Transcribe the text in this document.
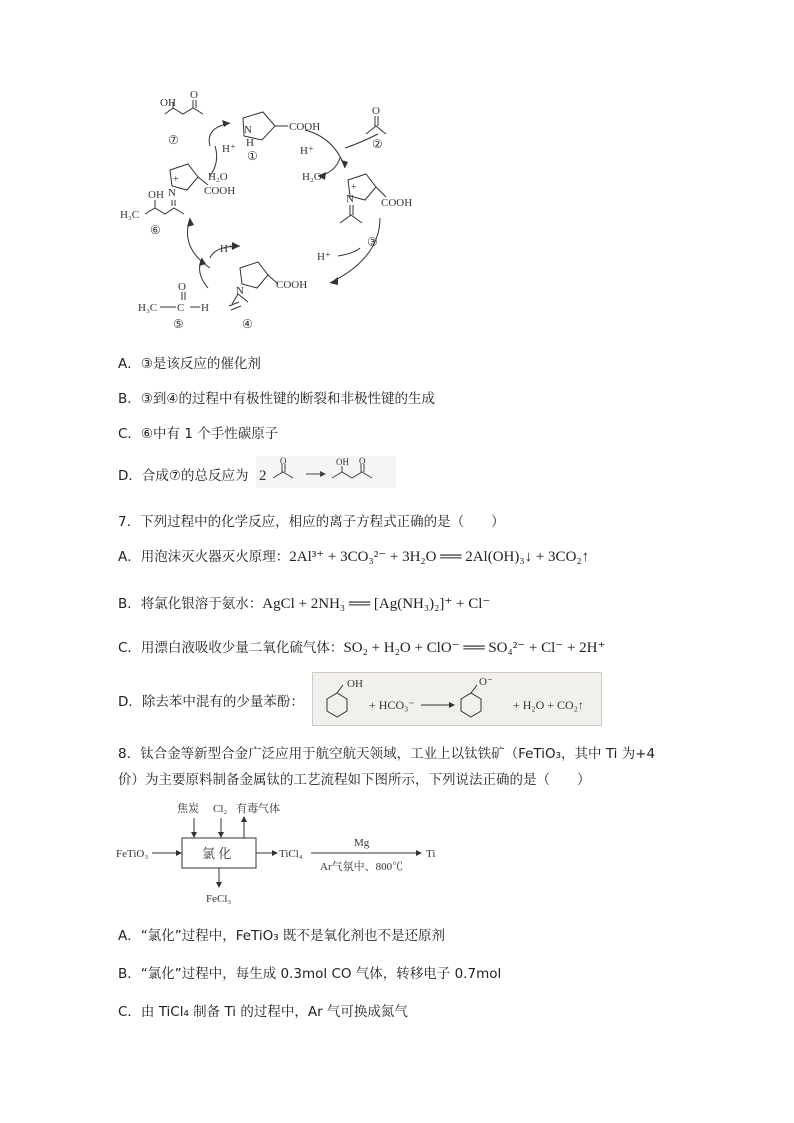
OH
O
⑦
N
H
COOH
①
O
②
H⁺	H⁺
H₂O	H₂O
+
N COOH
③
H⁺
N	COOH
④
H⁺
+
N	COOH
OH
H₃C
⑥
O
H₃C C H
⑤
A．③是该反应的催化剂
B．③到④的过程中有极性键的断裂和非极性键的生成
C．⑥中有 1 个手性碳原子
D．合成⑦的总反应为 2
O	OH O
7．下列过程中的化学反应，相应的离子方程式正确的是（　　）
A．用泡沫灭火器灭火原理：2Al³⁺ + 3CO₃²⁻ + 3H₂O ══ 2Al(OH)₃↓ + 3CO₂↑
B．将氯化银溶于氨水：AgCl + 2NH₃ ══ [Ag(NH₃)₂]⁺ + Cl⁻
C．用漂白液吸收少量二氧化硫气体：SO₂ + H₂O + ClO⁻ ══ SO₄²⁻ + Cl⁻ + 2H⁺
D．除去苯中混有的少量苯酚：
OH
+ HCO₃⁻
O⁻
+ H₂O + CO₂↑
8．钛合金等新型合金广泛应用于航空航天领域，工业上以钛铁矿（FeTiO₃，其中 Ti 为+4
价）为主要原料制备金属钛的工艺流程如下图所示，下列说法正确的是（　　）
焦炭 Cl₂ 有毒气体
FeTiO₃	氯 化	TiCl₄
Mg
Ar气氛中、800℃
Ti
FeCl₃
A．“氯化”过程中，FeTiO₃ 既不是氧化剂也不是还原剂
B．“氯化”过程中，每生成 0.3mol CO 气体，转移电子 0.7mol
C．由 TiCl₄ 制备 Ti 的过程中，Ar 气可换成氮气
